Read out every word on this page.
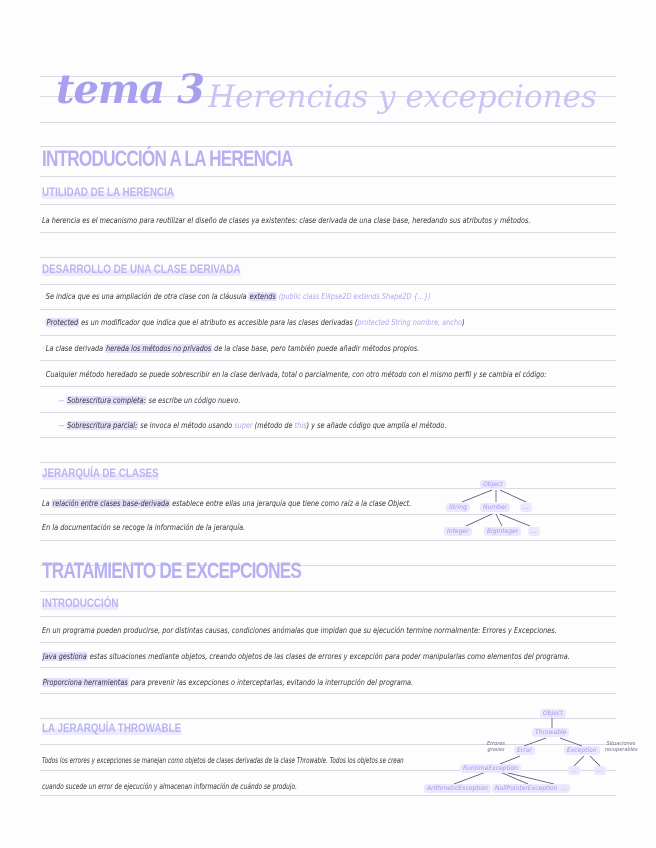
tema 3 Herencias y excepciones
INTRODUCCIÓN A LA HERENCIA
UTILIDAD DE LA HERENCIA
La herencia es el mecanismo para reutilizar el diseño de clases ya existentes: clase derivada de una clase base, heredando sus atributos y métodos.
DESARROLLO DE UNA CLASE DERIVADA
· Se indica que es una ampliación de otra clase con la cláusula extends (public class Ellipse2D extends Shape2D {...})
· Protected es un modificador que indica que el atributo es accesible para las clases derivadas (protected String nombre, ancho)
· La clase derivada hereda los métodos no privados de la clase base, pero también puede añadir métodos propios.
· Cualquier método heredado se puede sobrescribir en la clase derivada, total o parcialmente, con otro método con el mismo perfil y se cambia el código:
— Sobrescritura completa: se escribe un código nuevo.
— Sobrescritura parcial: se invoca el método usando super (método de this) y se añade código que amplía el método.
JERARQUÍA DE CLASES
La relación entre clases base-derivada establece entre ellas una jerarquía que tiene como raíz a la clase Object.
En la documentación se recoge la información de la jerarquía.
Object
String	Number	...
Integer	BigInteger	...
TRATAMIENTO DE EXCEPCIONES
INTRODUCCIÓN
En un programa pueden producirse, por distintas causas, condiciones anómalas que impidan que su ejecución termine normalmente: Errores y Excepciones.
Java gestiona estas situaciones mediante objetos, creando objetos de las clases de errores y excepción para poder manipularlas como elementos del programa.
Proporciona herramientas para prevenir las excepciones o interceptarlas, evitando la interrupción del programa.
LA JERARQUÍA THROWABLE
Todos los errores y excepciones se manejan como objetos de clases derivadas de la clase Throwable. Todos los objetos se crean
cuando sucede un error de ejecución y almacenan información de cuándo se produjo.
Object
Throwable
Errores graves	Error	Exception
Situaciones recuperables
RuntimeException	...	...
ArithmeticException	NullPointerException ...
